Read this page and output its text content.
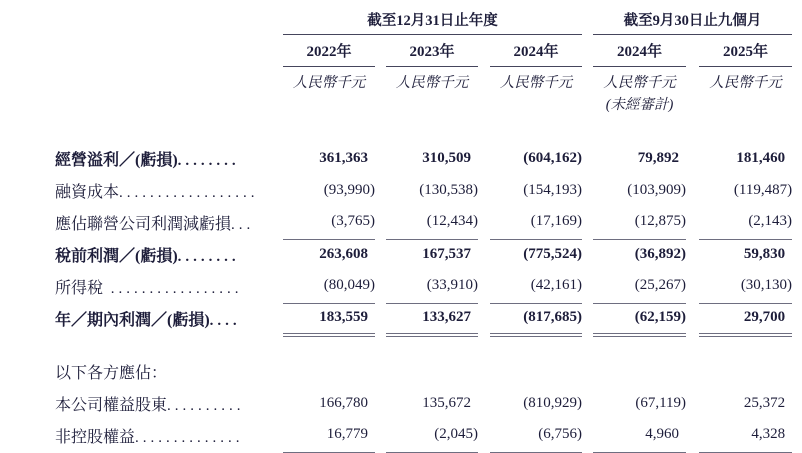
	截至12月31日止年度						截至9月30日止九個月		
	2022年		2023年		2024年		2024年		2025年
	人民幣千元		人民幣千元		人民幣千元		人民幣千元		人民幣千元
							(未經審計)		

經營溢利／(虧損)........	361,363		310,509		(604,162)		79,892		181,460
融資成本..................	(93,990)		(130,538)		(154,193)		(103,909)		(119,487)
應佔聯營公司利潤減虧損...	(3,765)		(12,434)		(17,169)		(12,875)		(2,143)
稅前利潤／(虧損)........	263,608		167,537		(775,524)		(36,892)		59,830
所得稅 .................	(80,049)		(33,910)		(42,161)		(25,267)		(30,130)
年／期內利潤／(虧損)....	183,559		133,627		(817,685)		(62,159)		29,700

以下各方應佔：									
本公司權益股東..........	166,780		135,672		(810,929)		(67,119)		25,372
非控股權益..............	16,779		(2,045)		(6,756)		4,960		4,328
